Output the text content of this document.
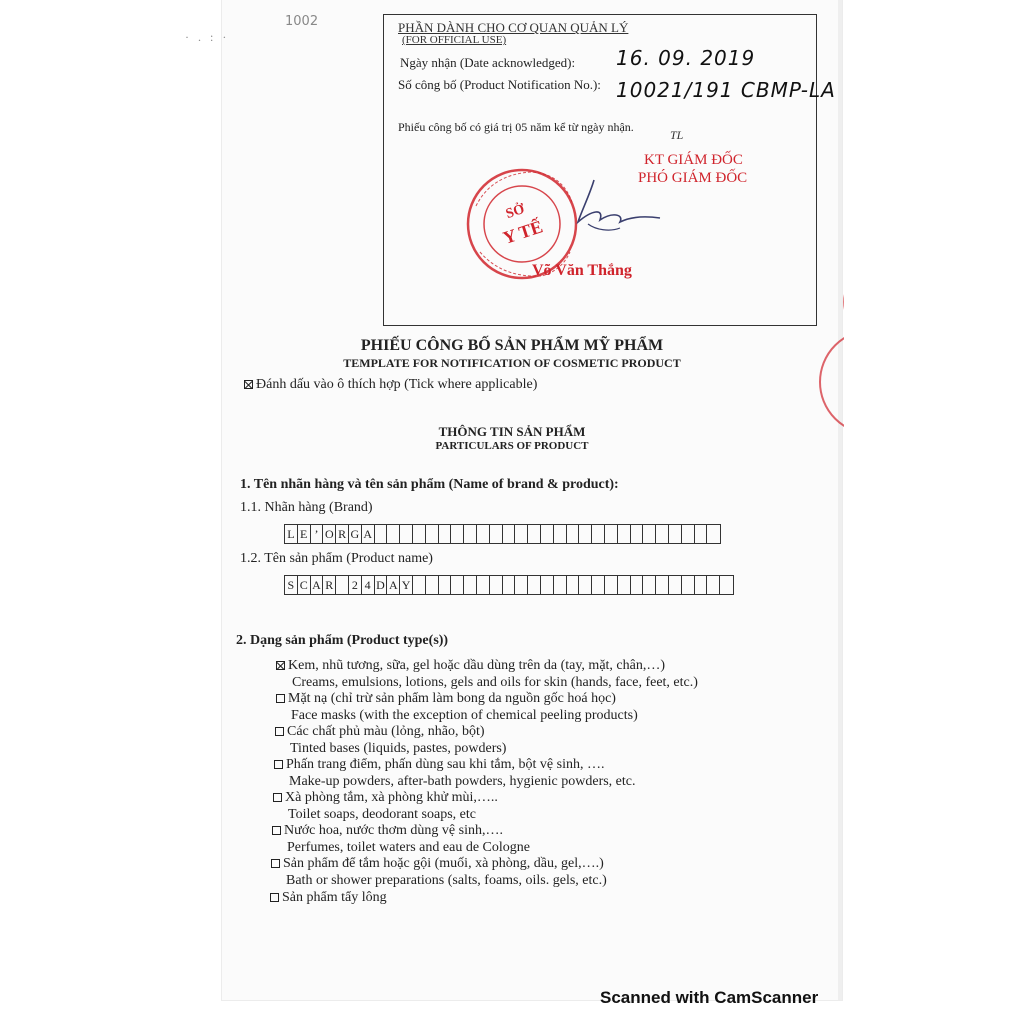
1002
· . : ·
PHẦN DÀNH CHO CƠ QUAN QUẢN LÝ
(FOR OFFICIAL USE)
Ngày nhận (Date acknowledged): 16. 09. 2019
Số công bố (Product Notification No.): 10021/191 CBMP-LA
Phiếu công bố có giá trị 05 năm kể từ ngày nhận.
TL
KT GIÁM ĐỐC
PHÓ GIÁM ĐỐC
SỞ
Y TẾ
Võ Văn Thắng
PHIẾU CÔNG BỐ SẢN PHẨM MỸ PHẨM
TEMPLATE FOR NOTIFICATION OF COSMETIC PRODUCT
Đánh dấu vào ô thích hợp (Tick where applicable)
THÔNG TIN SẢN PHẨM
PARTICULARS OF PRODUCT
1. Tên nhãn hàng và tên sản phẩm (Name of brand & product):
1.1. Nhãn hàng (Brand)
L E ’ O R G A
1.2. Tên sản phẩm (Product name)
S C A R 2 4 D A Y
2. Dạng sản phẩm (Product type(s))
Kem, nhũ tương, sữa, gel hoặc dầu dùng trên da (tay, mặt, chân,…)
Creams, emulsions, lotions, gels and oils for skin (hands, face, feet, etc.)
Mặt nạ (chỉ trừ sản phẩm làm bong da nguồn gốc hoá học)
Face masks (with the exception of chemical peeling products)
Các chất phủ màu (lỏng, nhão, bột)
Tinted bases (liquids, pastes, powders)
Phấn trang điểm, phấn dùng sau khi tắm, bột vệ sinh, ….
Make-up powders, after-bath powders, hygienic powders, etc.
Xà phòng tắm, xà phòng khử mùi,…..
Toilet soaps, deodorant soaps, etc
Nước hoa, nước thơm dùng vệ sinh,….
Perfumes, toilet waters and eau de Cologne
Sản phẩm để tắm hoặc gội (muối, xà phòng, dầu, gel,….)
Bath or shower preparations (salts, foams, oils. gels, etc.)
Sản phẩm tẩy lông
Scanned with CamScanner
